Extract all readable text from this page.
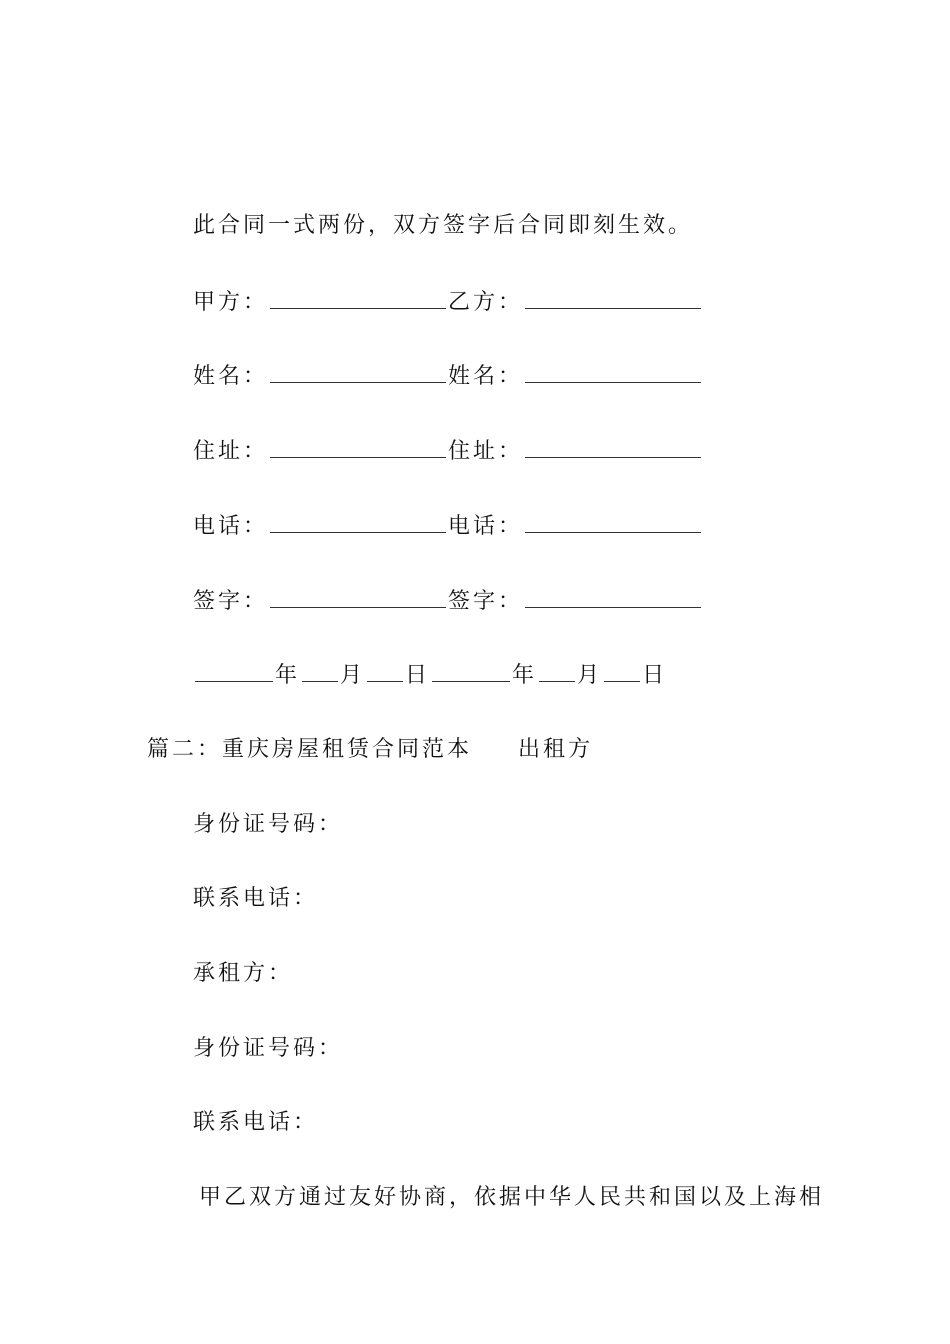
此合同一式两份，双方签字后合同即刻生效。
甲方：	乙方：
姓名：	姓名：
住址：	住址：
电话：	电话：
签字：	签字：
年 月 日	年 月 日
篇二：重庆房屋租赁合同范本 出租方
身份证号码：
联系电话：
承租方：
身份证号码：
联系电话：
甲乙双方通过友好协商，依据中华人民共和国以及上海相
